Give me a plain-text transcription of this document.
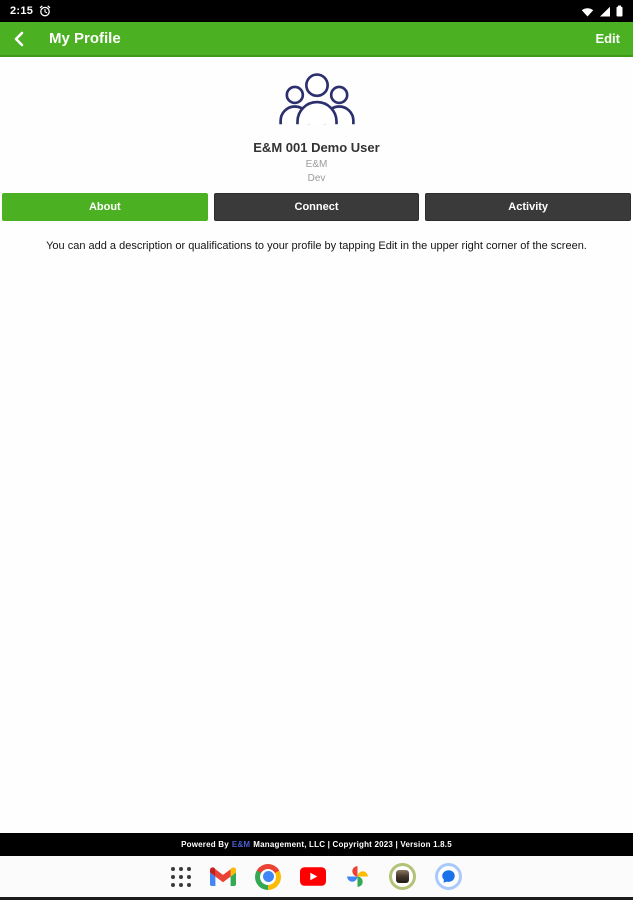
2:15
My Profile	Edit
E&M 001 Demo User
E&M
Dev
About	Connect	Activity
You can add a description or qualifications to your profile by tapping Edit in the upper right corner of the screen.
Powered By E&M Management, LLC | Copyright 2023 | Version 1.8.5
